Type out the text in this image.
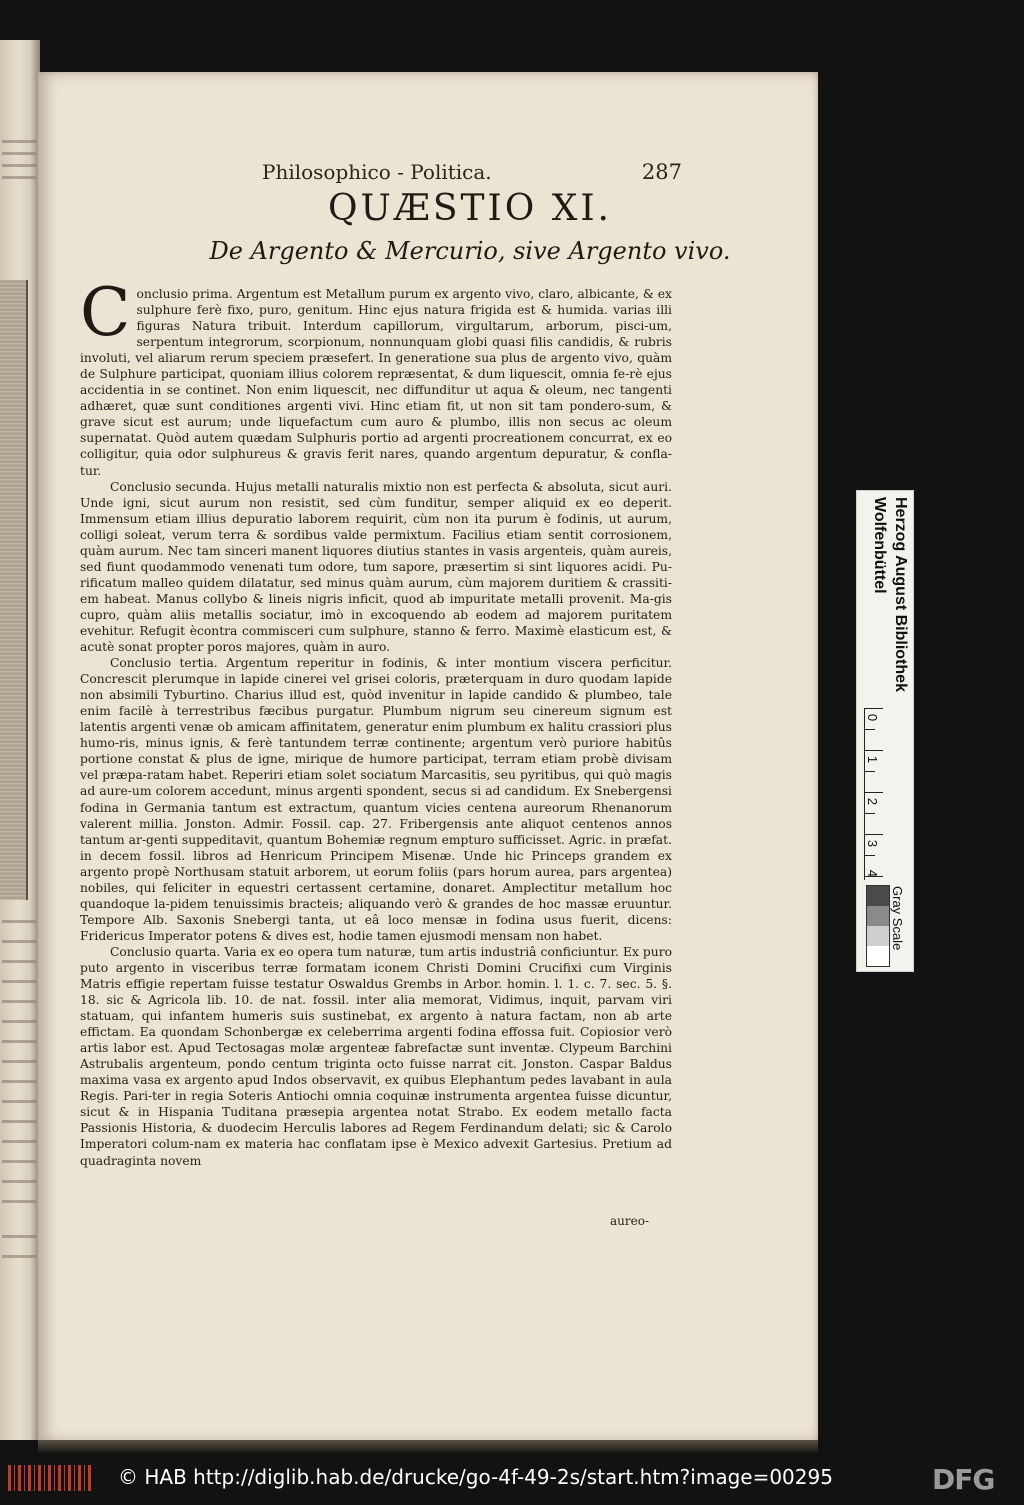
Philosophico - Politica.	287
QUÆSTIO XI.
De Argento & Mercurio, sive Argento vivo.

C onclusio prima. Argentum est Metallum purum ex argento vivo, claro, albicante, & ex sulphure ferè fixo, puro, genitum. Hinc ejus natura frigida est & humida. varias illi figuras Natura tribuit. Interdum capillorum, virgultarum, arborum, pisci-um, serpentum integrorum, scorpionum, nonnunquam globi quasi filis candidis, & rubris involuti, vel aliarum rerum speciem præsefert. In generatione sua plus de argento vivo, quàm de Sulphure participat, quoniam illius colorem repræsentat, & dum liquescit, omnia fe-rè ejus accidentia in se continet. Non enim liquescit, nec diffunditur ut aqua & oleum, nec tangenti adhæret, quæ sunt conditiones argenti vivi. Hinc etiam fit, ut non sit tam pondero-sum, & grave sicut est aurum; unde liquefactum cum auro & plumbo, illis non secus ac oleum supernatat. Quòd autem quædam Sulphuris portio ad argenti procreationem concurrat, ex eo colligitur, quia odor sulphureus & gravis ferit nares, quando argentum depuratur, & confla-tur.

Conclusio secunda. Hujus metalli naturalis mixtio non est perfecta & absoluta, sicut auri. Unde igni, sicut aurum non resistit, sed cùm funditur, semper aliquid ex eo deperit. Immensum etiam illius depuratio laborem requirit, cùm non ita purum è fodinis, ut aurum, colligi soleat, verum terra & sordibus valde permixtum. Facilius etiam sentit corrosionem, quàm aurum. Nec tam sinceri manent liquores diutius stantes in vasis argenteis, quàm aureis, sed fiunt quodammodo venenati tum odore, tum sapore, præsertim si sint liquores acidi. Pu-rificatum malleo quidem dilatatur, sed minus quàm aurum, cùm majorem duritiem & crassiti-em habeat. Manus collybo & lineis nigris inficit, quod ab impuritate metalli provenit. Ma-gis cupro, quàm aliis metallis sociatur, imò in excoquendo ab eodem ad majorem puritatem evehitur. Refugit ècontra commisceri cum sulphure, stanno & ferro. Maximè elasticum est, & acutè sonat propter poros majores, quàm in auro.

Conclusio tertia. Argentum reperitur in fodinis, & inter montium viscera perficitur. Concrescit plerumque in lapide cinerei vel grisei coloris, præterquam in duro quodam lapide non absimili Tyburtino. Charius illud est, quòd invenitur in lapide candido & plumbeo, tale enim facilè à terrestribus fæcibus purgatur. Plumbum nigrum seu cinereum signum est latentis argenti venæ ob amicam affinitatem, generatur enim plumbum ex halitu crassiori plus humo-ris, minus ignis, & ferè tantundem terræ continente; argentum verò puriore habitûs portione constat & plus de igne, mirique de humore participat, terram etiam probè divisam vel præpa-ratam habet. Reperiri etiam solet sociatum Marcasitis, seu pyritibus, qui quò magis ad aure-um colorem accedunt, minus argenti spondent, secus si ad candidum. Ex Snebergensi fodina in Germania tantum est extractum, quantum vicies centena aureorum Rhenanorum valerent millia. Jonston. Admir. Fossil. cap. 27. Fribergensis ante aliquot centenos annos tantum ar-genti suppeditavit, quantum Bohemiæ regnum empturo sufficisset. Agric. in præfat. in decem fossil. libros ad Henricum Principem Misenæ. Unde hic Princeps grandem ex argento propè Northusam statuit arborem, ut eorum foliis (pars horum aurea, pars argentea) nobiles, qui feliciter in equestri certassent certamine, donaret. Amplectitur metallum hoc quandoque la-pidem tenuissimis bracteis; aliquando verò & grandes de hoc massæ eruuntur. Tempore Alb. Saxonis Snebergi tanta, ut eâ loco mensæ in fodina usus fuerit, dicens: Fridericus Imperator potens & dives est, hodie tamen ejusmodi mensam non habet.

Conclusio quarta. Varia ex eo opera tum naturæ, tum artis industriâ conficiuntur. Ex puro puto argento in visceribus terræ formatam iconem Christi Domini Crucifixi cum Virginis Matris effigie repertam fuisse testatur Oswaldus Grembs in Arbor. homin. l. 1. c. 7. sec. 5. §. 18. sic & Agricola lib. 10. de nat. fossil. inter alia memorat, Vidimus, inquit, parvam viri statuam, qui infantem humeris suis sustinebat, ex argento à natura factam, non ab arte effictam. Ea quondam Schonbergæ ex celeberrima argenti fodina effossa fuit. Copiosior verò artis labor est. Apud Tectosagas molæ argenteæ fabrefactæ sunt inventæ. Clypeum Barchini Astrubalis argenteum, pondo centum triginta octo fuisse narrat cit. Jonston. Caspar Baldus maxima vasa ex argento apud Indos observavit, ex quibus Elephantum pedes lavabant in aula Regis. Pari-ter in regia Soteris Antiochi omnia coquinæ instrumenta argentea fuisse dicuntur, sicut & in Hispania Tuditana præsepia argentea notat Strabo. Ex eodem metallo facta Passionis Historia, & duodecim Herculis labores ad Regem Ferdinandum delati; sic & Carolo Imperatori colum-nam ex materia hac conflatam ipse è Mexico advexit Gartesius. Pretium ad quadraginta novem

aureo-
Herzog August Bibliothek
Wolfenbüttel
0
1
2
3
4
Gray Scale
© HAB http://diglib.hab.de/drucke/go-4f-49-2s/start.htm?image=00295	DFG
